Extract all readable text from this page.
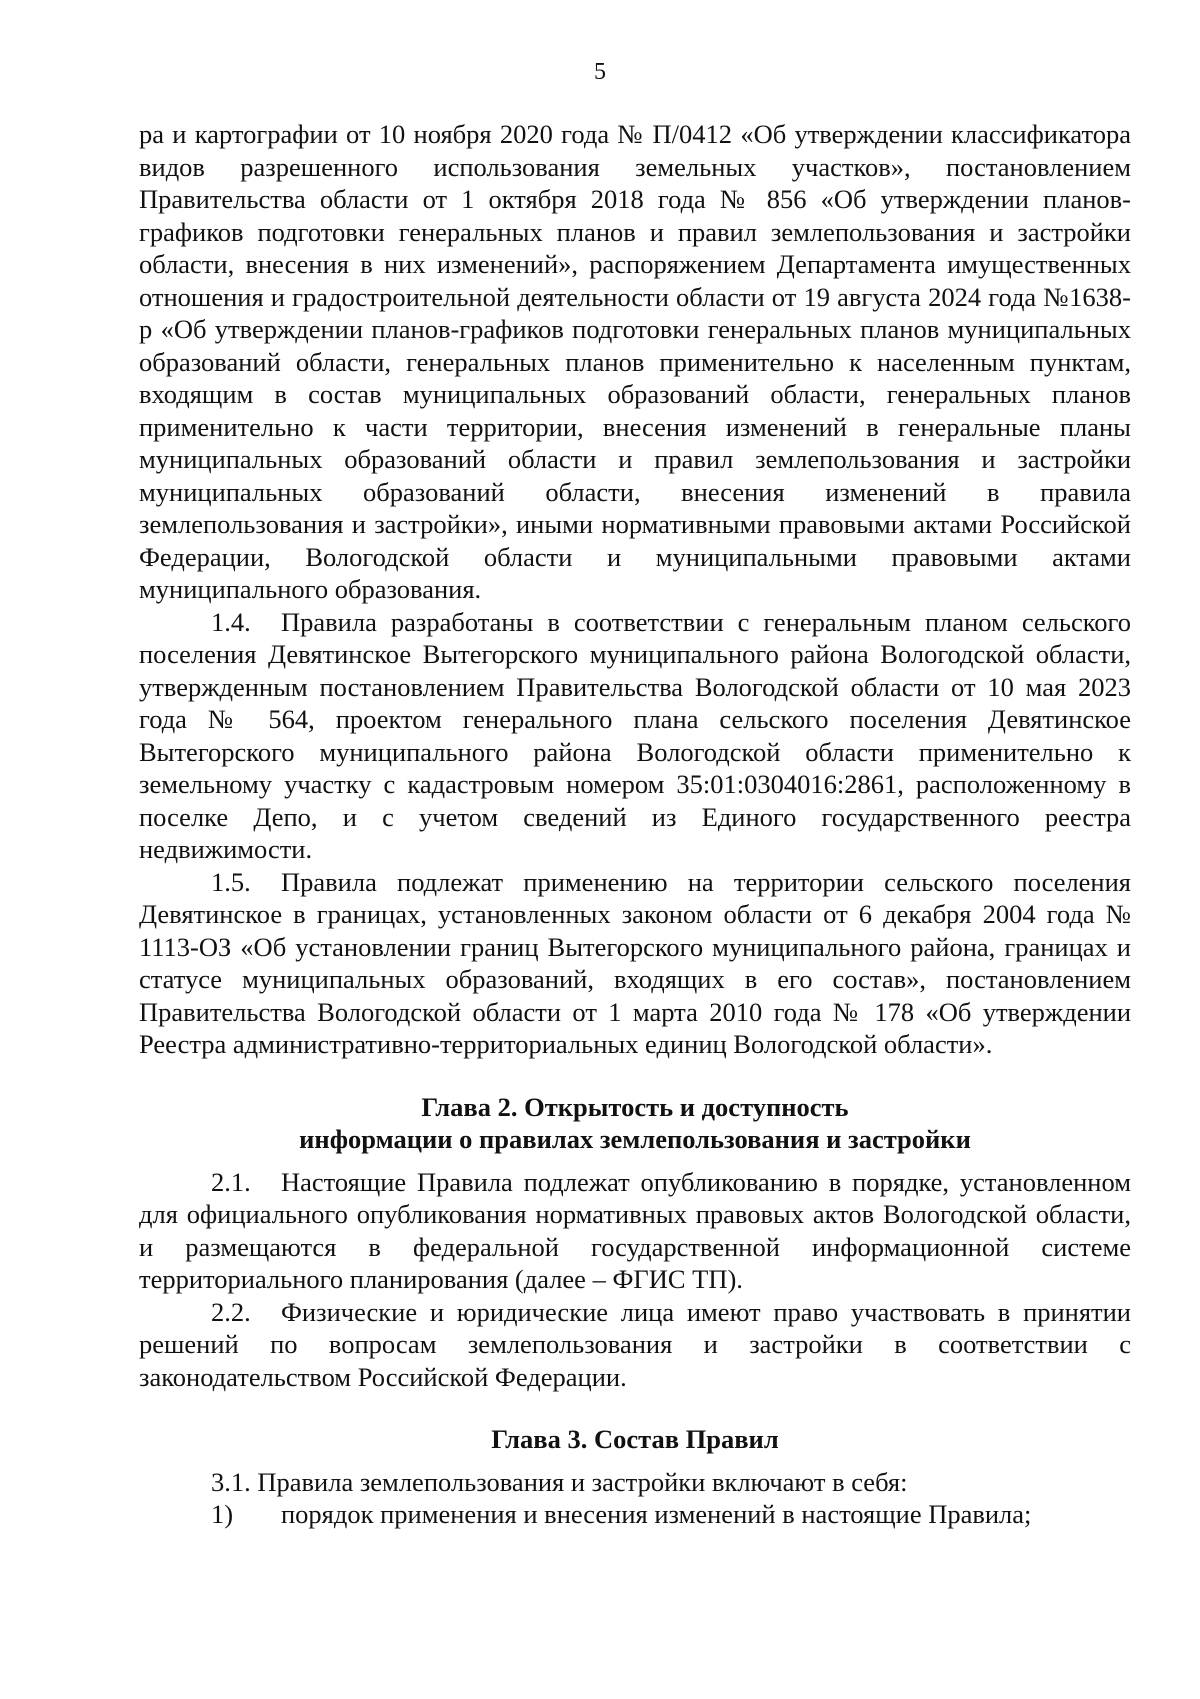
5

ра и картографии от 10 ноября 2020 года № П/0412 «Об утверждении классификатора видов разрешенного использования земельных участков», постановлением Правительства области от 1 октября 2018 года № 856 «Об утверждении планов-графиков подготовки генеральных планов и правил землепользования и застройки области, внесения в них изменений», распоряжением Департамента имущественных отношения и градостроительной деятельности области от 19 августа 2024 года №1638-р «Об утверждении планов-графиков подготовки генеральных планов муниципальных образований области, генеральных планов применительно к населенным пунктам, входящим в состав муниципальных образований области, генеральных планов применительно к части территории, внесения изменений в генеральные планы муниципальных образований области и правил землепользования и застройки муниципальных образований области, внесения изменений в правила землепользования и застройки», иными нормативными правовыми актами Российской Федерации, Вологодской области и муниципальными правовыми актами муниципального образования.

1.4. Правила разработаны в соответствии с генеральным планом сельского поселения Девятинское Вытегорского муниципального района Вологодской области, утвержденным постановлением Правительства Вологодской области от 10 мая 2023 года № 564, проектом генерального плана сельского поселения Девятинское Вытегорского муниципального района Вологодской области применительно к земельному участку с кадастровым номером 35:01:0304016:2861, расположенному в поселке Депо, и с учетом сведений из Единого государственного реестра недвижимости.

1.5. Правила подлежат применению на территории сельского поселения Девятинское в границах, установленных законом области от 6 декабря 2004 года № 1113-ОЗ «Об установлении границ Вытегорского муниципального района, границах и статусе муниципальных образований, входящих в его состав», постановлением Правительства Вологодской области от 1 марта 2010 года № 178 «Об утверждении Реестра административно-территориальных единиц Вологодской области».

Глава 2. Открытость и доступность

информации о правилах землепользования и застройки

2.1. Настоящие Правила подлежат опубликованию в порядке, установленном для официального опубликования нормативных правовых актов Вологодской области, и размещаются в федеральной государственной информационной системе территориального планирования (далее – ФГИС ТП).

2.2. Физические и юридические лица имеют право участвовать в принятии решений по вопросам землепользования и застройки в соответствии с законодательством Российской Федерации.

Глава 3. Состав Правил

3.1. Правила землепользования и застройки включают в себя:

1) порядок применения и внесения изменений в настоящие Правила;
